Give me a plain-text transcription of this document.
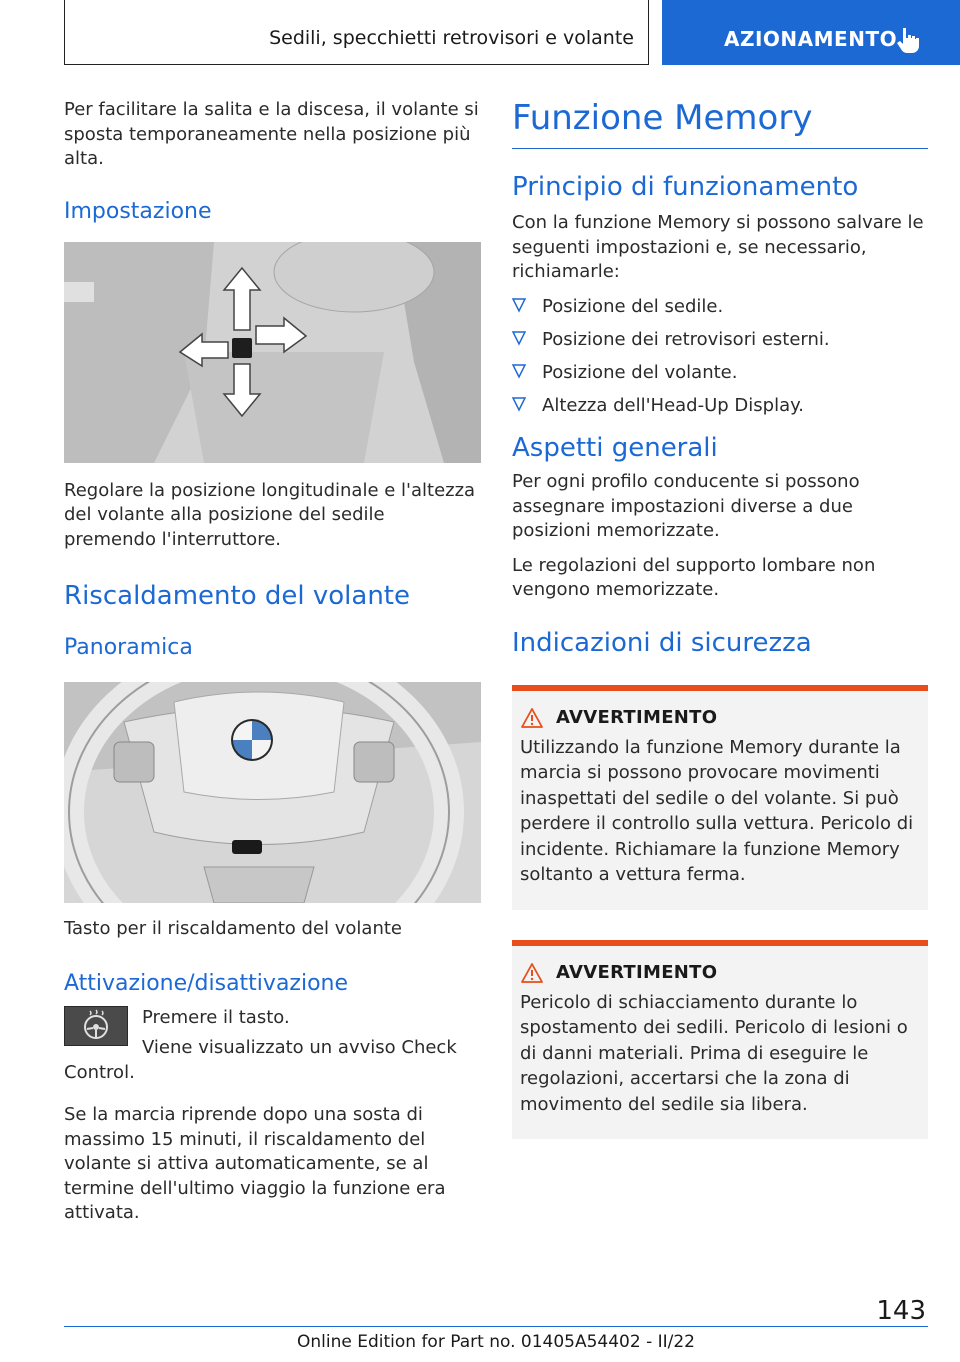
Sedili, specchietti retrovisori e volante	AZIONAMENTO

Per facilitare la salita e la discesa, il volante si sposta temporaneamente nella posizione più alta.

Impostazione

Regolare la posizione longitudinale e l'altezza del volante alla posizione del sedile premendo l'interruttore.

Riscaldamento del volante
Panoramica

Tasto per il riscaldamento del volante

Attivazione/disattivazione

Premere il tasto.

Viene visualizzato un avviso Check Control.

Se la marcia riprende dopo una sosta di massimo 15 minuti, il riscaldamento del volante si attiva automaticamente, se al termine dell'ultimo viaggio la funzione era attivata.

Funzione Memory
Principio di funzionamento

Con la funzione Memory si possono salvare le seguenti impostazioni e, se necessario, richiamarle:

Posizione del sedile.
Posizione dei retrovisori esterni.
Posizione del volante.
Altezza dell'Head-Up Display.
Aspetti generali

Per ogni profilo conducente si possono assegnare impostazioni diverse a due posizioni memorizzate.

Le regolazioni del supporto lombare non vengono memorizzate.

Indicazioni di sicurezza
AVVERTIMENTO

Utilizzando la funzione Memory durante la marcia si possono provocare movimenti inaspettati del sedile o del volante. Si può perdere il controllo sulla vettura. Pericolo di incidente. Richiamare la funzione Memory soltanto a vettura ferma.

AVVERTIMENTO

Pericolo di schiacciamento durante lo spostamento dei sedili. Pericolo di lesioni o di danni materiali. Prima di eseguire le regolazioni, accertarsi che la zona di movimento del sedile sia libera.

143
Online Edition for Part no. 01405A54402 - II/22
